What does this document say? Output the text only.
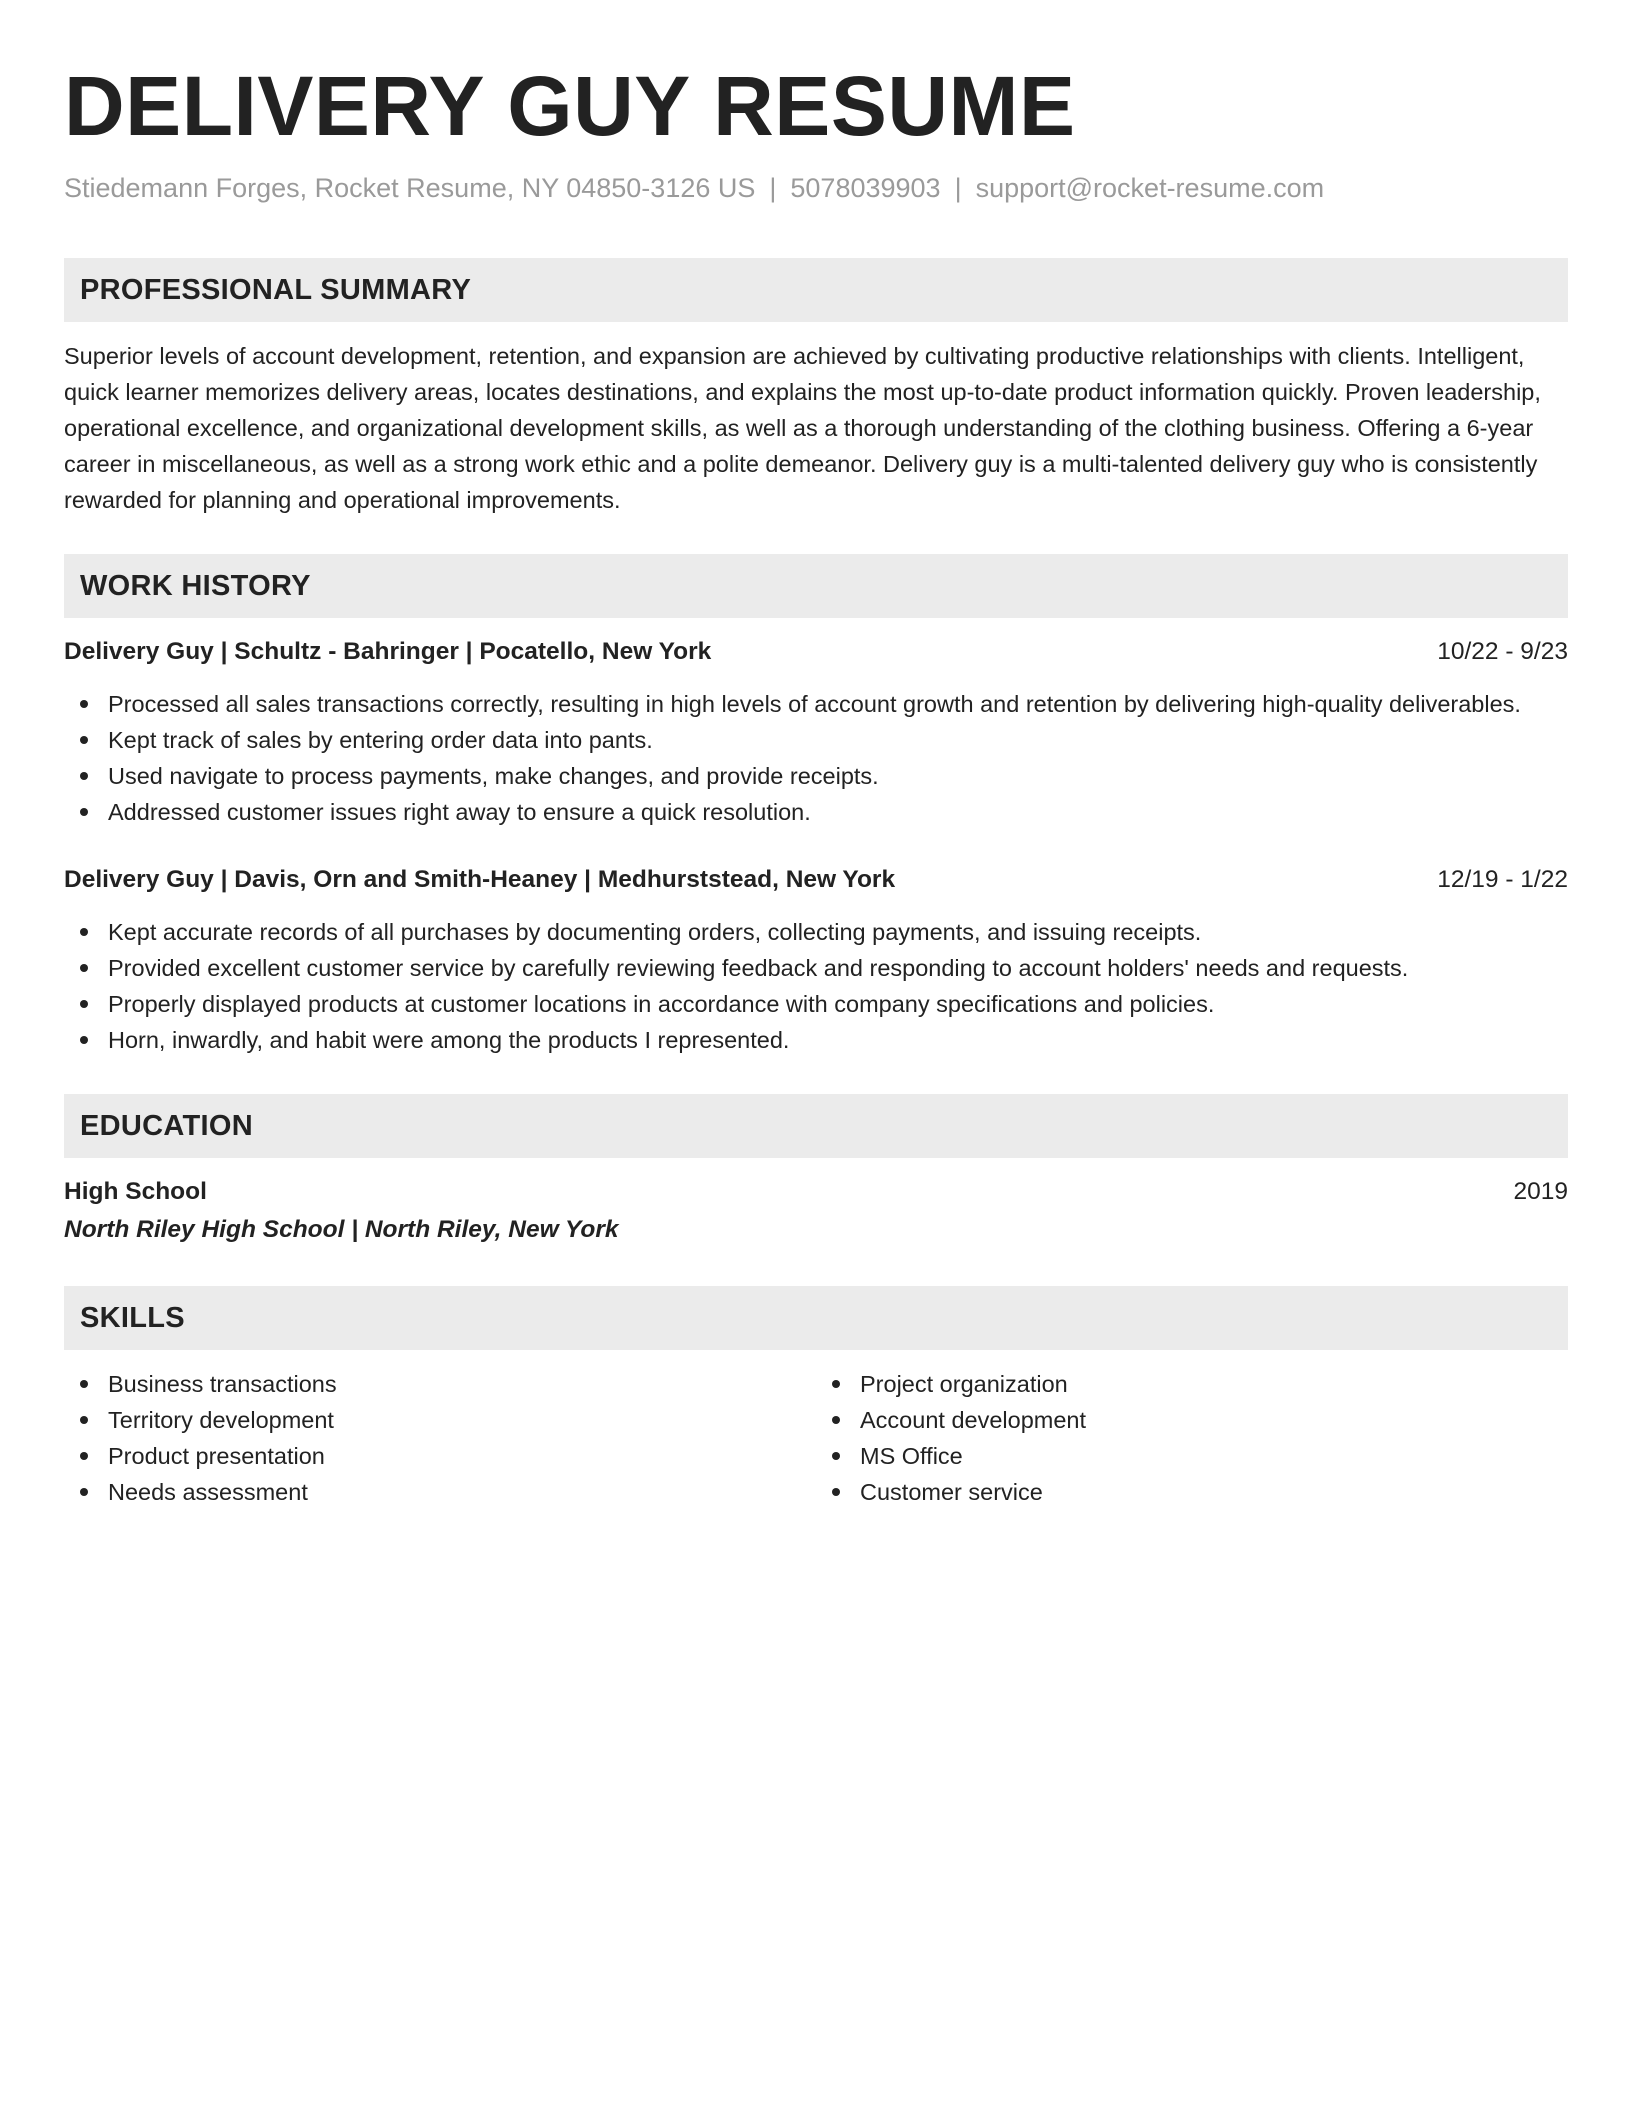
DELIVERY GUY RESUME
Stiedemann Forges, Rocket Resume, NY 04850-3126 US | 5078039903 | support@rocket-resume.com
PROFESSIONAL SUMMARY
Superior levels of account development, retention, and expansion are achieved by cultivating productive relationships with clients. Intelligent, quick learner memorizes delivery areas, locates destinations, and explains the most up-to-date product information quickly. Proven leadership, operational excellence, and organizational development skills, as well as a thorough understanding of the clothing business. Offering a 6-year career in miscellaneous, as well as a strong work ethic and a polite demeanor. Delivery guy is a multi-talented delivery guy who is consistently rewarded for planning and operational improvements.
WORK HISTORY
Delivery Guy | Schultz - Bahringer | Pocatello, New York	10/22 - 9/23
Processed all sales transactions correctly, resulting in high levels of account growth and retention by delivering high-quality deliverables.
Kept track of sales by entering order data into pants.
Used navigate to process payments, make changes, and provide receipts.
Addressed customer issues right away to ensure a quick resolution.
Delivery Guy | Davis, Orn and Smith-Heaney | Medhurststead, New York	12/19 - 1/22
Kept accurate records of all purchases by documenting orders, collecting payments, and issuing receipts.
Provided excellent customer service by carefully reviewing feedback and responding to account holders' needs and requests.
Properly displayed products at customer locations in accordance with company specifications and policies.
Horn, inwardly, and habit were among the products I represented.
EDUCATION
High School	2019
North Riley High School | North Riley, New York
SKILLS
Business transactions
Territory development
Product presentation
Needs assessment
Project organization
Account development
MS Office
Customer service
